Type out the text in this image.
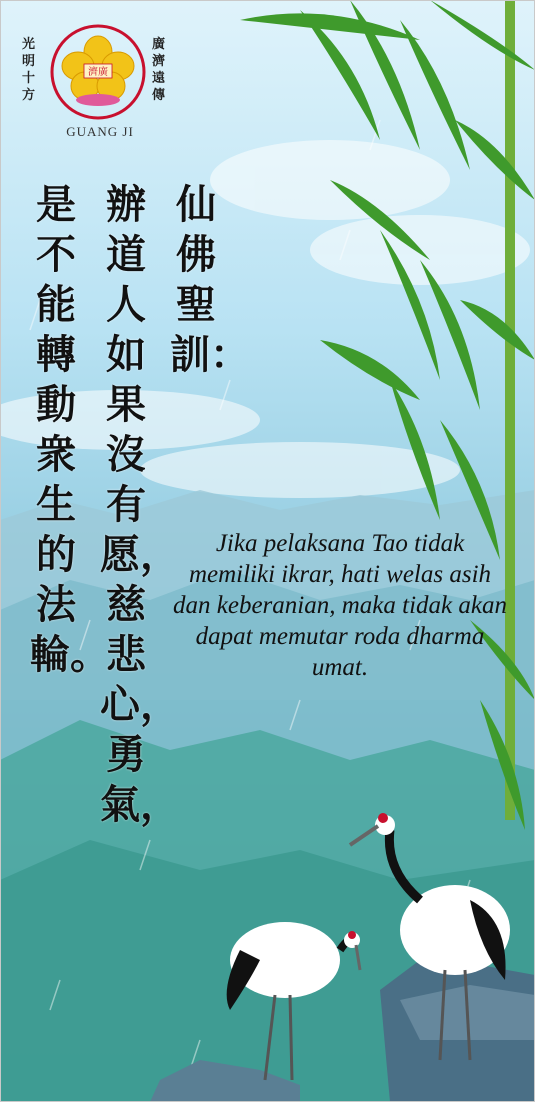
濟廣
光明十方
廣濟遠傳
GUANG JI
仙佛聖訓：
辦道人如果沒有愿，慈悲心，勇氣，
是不能轉動衆生的法輪。
Jika pelaksana Tao tidak memiliki ikrar, hati welas asih dan keberanian, maka tidak akan dapat memutar roda dharma umat.
